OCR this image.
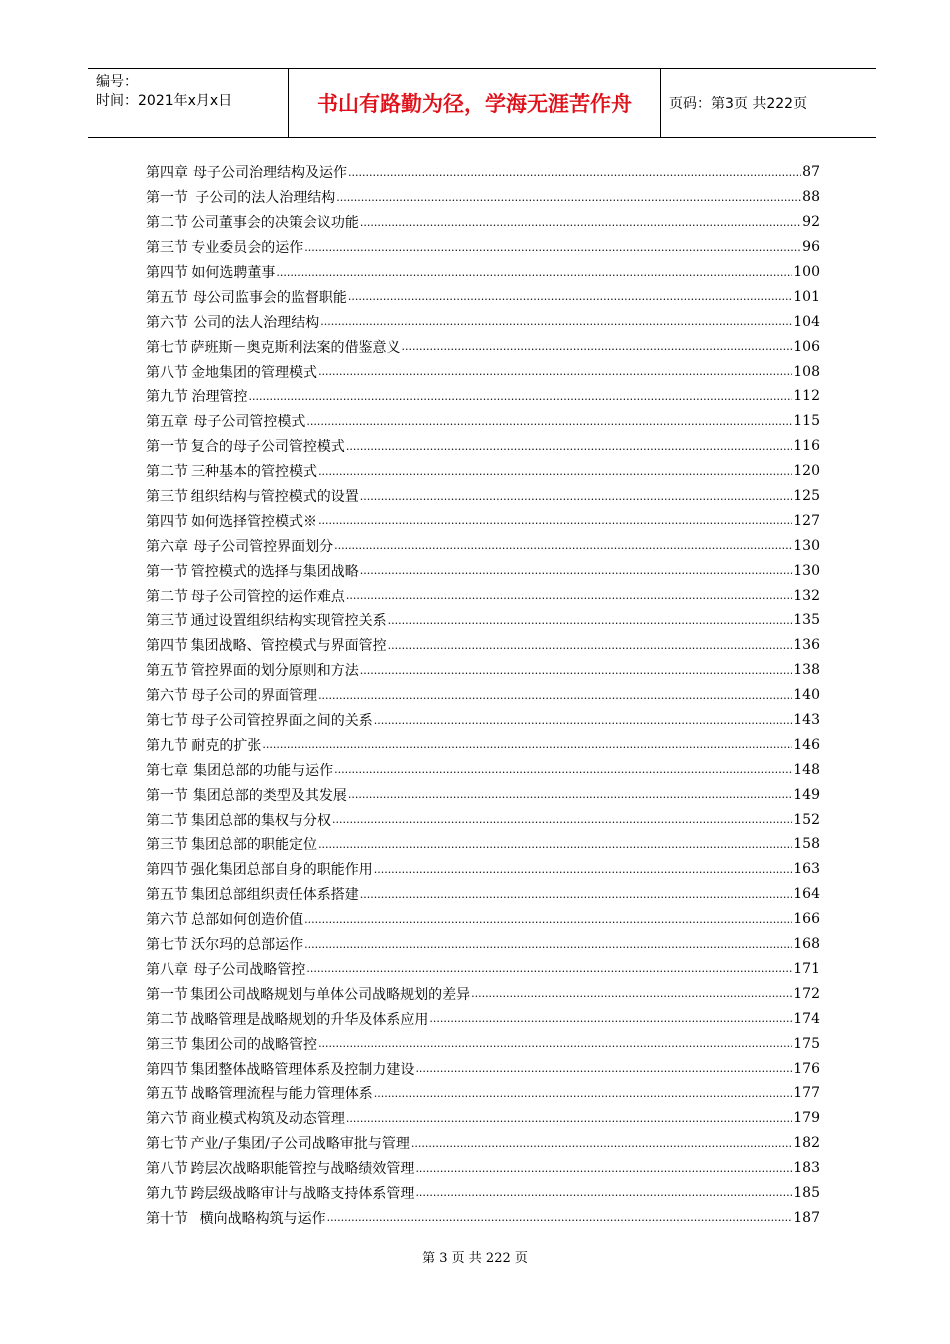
编号：
时间：2021年x月x日	书山有路勤为径，学海无涯苦作舟	页码：第3页 共222页
第四章 母子公司治理结构及运作 .....	87
第一节 子公司的法人治理结构 .....	88
第二节 公司董事会的决策会议功能 .....	92
第三节 专业委员会的运作 .....	96
第四节 如何选聘董事 .....	100
第五节 母公司监事会的监督职能 .....	101
第六节 公司的法人治理结构 .....	104
第七节 萨班斯－奥克斯利法案的借鉴意义 .....	106
第八节 金地集团的管理模式 .....	108
第九节 治理管控 .....	112
第五章 母子公司管控模式 .....	115
第一节 复合的母子公司管控模式 .....	116
第二节 三种基本的管控模式 .....	120
第三节 组织结构与管控模式的设置 .....	125
第四节 如何选择管控模式※ .....	127
第六章 母子公司管控界面划分 .....	130
第一节 管控模式的选择与集团战略 .....	130
第二节 母子公司管控的运作难点 .....	132
第三节 通过设置组织结构实现管控关系 .....	135
第四节 集团战略、管控模式与界面管控 .....	136
第五节 管控界面的划分原则和方法 .....	138
第六节 母子公司的界面管理 .....	140
第七节 母子公司管控界面之间的关系 .....	143
第九节 耐克的扩张 .....	146
第七章 集团总部的功能与运作 .....	148
第一节 集团总部的类型及其发展 .....	149
第二节 集团总部的集权与分权 .....	152
第三节 集团总部的职能定位 .....	158
第四节 强化集团总部自身的职能作用 .....	163
第五节 集团总部组织责任体系搭建 .....	164
第六节 总部如何创造价值 .....	166
第七节 沃尔玛的总部运作 .....	168
第八章 母子公司战略管控 .....	171
第一节 集团公司战略规划与单体公司战略规划的差异 .....	172
第二节 战略管理是战略规划的升华及体系应用 .....	174
第三节 集团公司的战略管控 .....	175
第四节 集团整体战略管理体系及控制力建设 .....	176
第五节 战略管理流程与能力管理体系 .....	177
第六节 商业模式构筑及动态管理 .....	179
第七节 产业/子集团/子公司战略审批与管理 .....	182
第八节 跨层次战略职能管控与战略绩效管理 .....	183
第九节 跨层级战略审计与战略支持体系管理 .....	185
第十节 横向战略构筑与运作 .....	187
第 3 页 共 222 页
